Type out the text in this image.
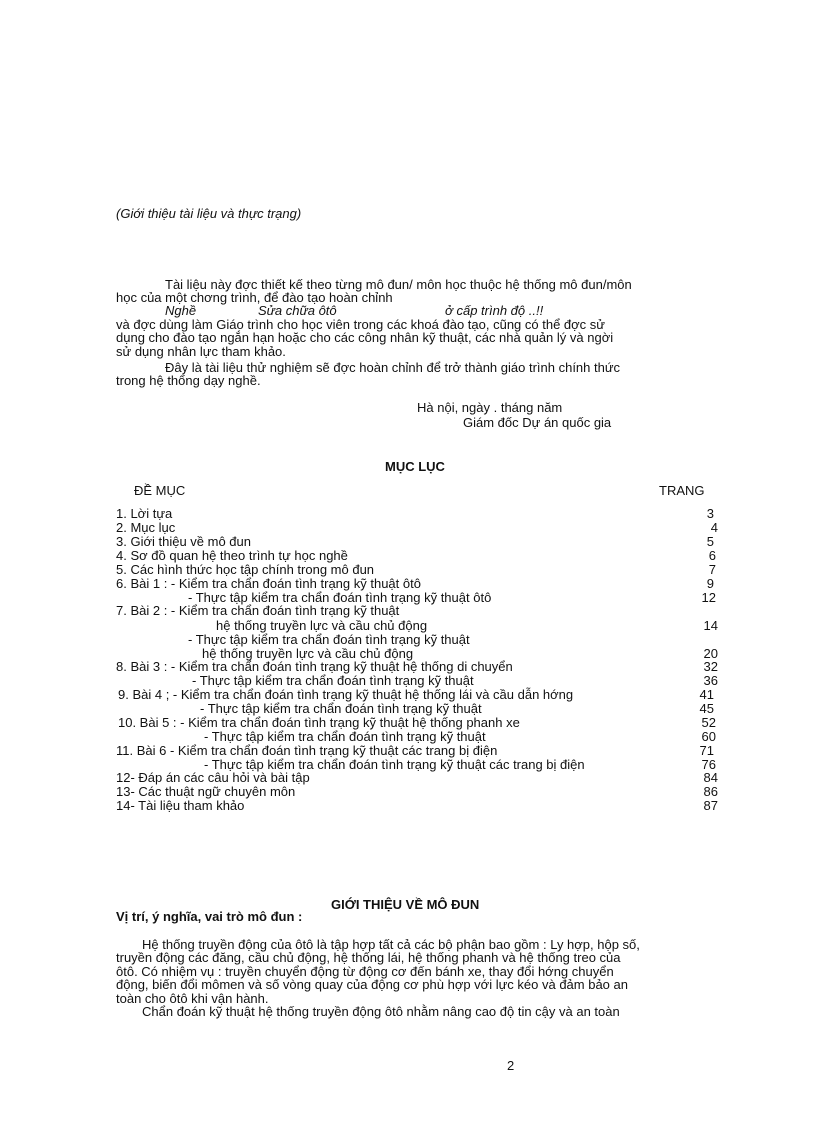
(Giới thiệu tài liệu và thực trạng)
Tài liệu này đợc thiết kế theo từng mô đun/ môn học thuộc hệ thống mô đun/môn
học của một chơng trình, để đào tạo hoàn chỉnh
Nghề	Sửa chữa ôtô	ở cấp trình độ ..!!
và đợc dùng làm Giáo trình cho học viên trong các khoá đào tạo, cũng có thể đợc sử
dụng cho đào tạo ngắn hạn hoặc cho các công nhân kỹ thuật, các nhà quản lý và ngời
sử dụng nhân lực tham khảo.
Đây là tài liệu thử nghiệm sẽ đợc hoàn chỉnh để trở thành giáo trình chính thức
trong hệ thống dạy nghề.
Hà nội, ngày . tháng năm
Giám đốc Dự án quốc gia
MỤC LỤC
ĐỀ MỤC	TRANG
1. Lời tựa	3
2. Mục lục	4
3. Giới thiệu về mô đun	5
4. Sơ đồ quan hệ theo trình tự học nghề	6
5. Các hình thức học tập chính trong mô đun	7
6. Bài 1 : - Kiểm tra chẩn đoán tình trạng kỹ thuật ôtô	9
- Thực tập kiểm tra chẩn đoán tình trạng kỹ thuật ôtô	12
7. Bài 2 : - Kiểm tra chẩn đoán tình trạng kỹ thuật
hệ thống truyền lực và cầu chủ động	14
- Thực tập kiểm tra chẩn đoán tình trạng kỹ thuật
hệ thống truyền lực và cầu chủ động	20
8. Bài 3 : - Kiểm tra chẩn đoán tình trạng kỹ thuật hệ thống di chuyển	32
- Thực tập kiểm tra chẩn đoán tình trạng kỹ thuật	36
9. Bài 4 ; - Kiểm tra chẩn đoán tình trạng kỹ thuật hệ thống lái và cầu dẫn hớng	41
- Thực tập kiểm tra chẩn đoán tình trạng kỹ thuật	45
10. Bài 5 : - Kiểm tra chẩn đoán tình trạng kỹ thuật hệ thống phanh xe	52
- Thực tập kiểm tra chẩn đoán tình trạng kỹ thuật	60
11. Bài 6 - Kiểm tra chẩn đoán tình trạng kỹ thuật các trang bị điện	71
- Thực tập kiểm tra chẩn đoán tình trạng kỹ thuật các trang bị điện	76
12- Đáp án các câu hỏi và bài tập	84
13- Các thuật ngữ chuyên môn	86
14- Tài liệu tham khảo	87
GIỚI THIỆU VỀ MÔ ĐUN
Vị trí, ý nghĩa, vai trò mô đun :
Hệ thống truyền động của ôtô là tập hợp tất cả các bộ phận bao gồm : Ly hợp, hộp số,
truyền động các đăng, cầu chủ động, hệ thống lái, hệ thống phanh và hệ thống treo của
ôtô. Có nhiệm vụ : truyền chuyển động từ động cơ đến bánh xe, thay đổi hớng chuyển
động, biến đổi mômen và số vòng quay của động cơ phù hợp với lực kéo và đảm bảo an
toàn cho ôtô khi vận hành.
Chẩn đoán kỹ thuật hệ thống truyền động ôtô nhằm nâng cao độ tin cậy và an toàn
2
